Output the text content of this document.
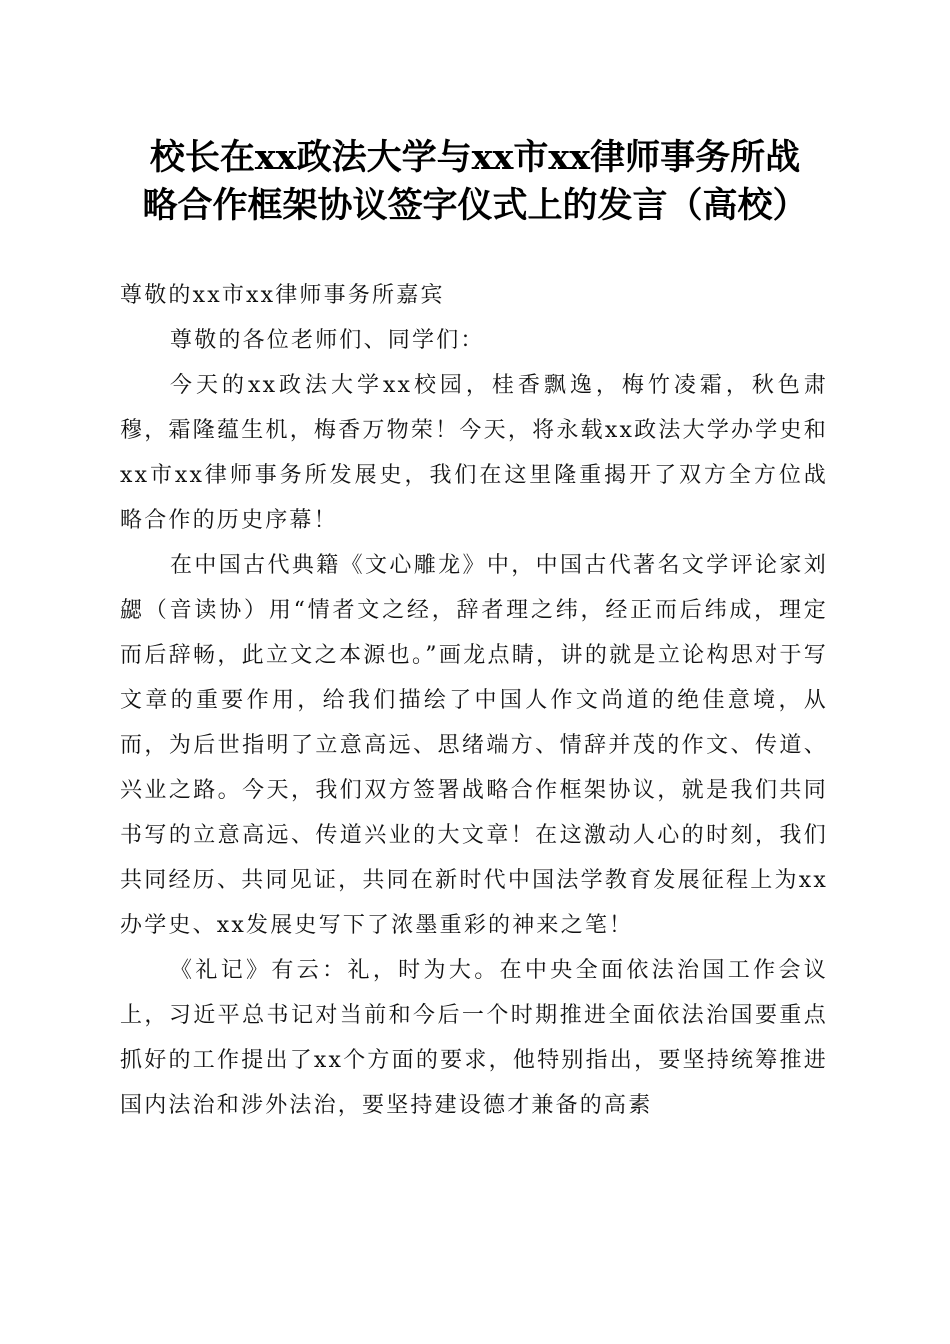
校长在xx政法大学与xx市xx律师事务所战
略合作框架协议签字仪式上的发言（高校）

尊敬的xx市xx律师事务所嘉宾

尊敬的各位老师们、同学们：

今天的xx政法大学xx校园，桂香飘逸，梅竹凌霜，秋色肃穆，霜隆蕴生机，梅香万物荣！今天，将永载xx政法大学办学史和xx市xx律师事务所发展史，我们在这里隆重揭开了双方全方位战略合作的历史序幕！

在中国古代典籍《文心雕龙》中，中国古代著名文学评论家刘勰（音读协）用“情者文之经，辞者理之纬，经正而后纬成，理定而后辞畅，此立文之本源也。”画龙点睛，讲的就是立论构思对于写文章的重要作用，给我们描绘了中国人作文尚道的绝佳意境，从而，为后世指明了立意高远、思绪端方、情辞并茂的作文、传道、兴业之路。今天，我们双方签署战略合作框架协议，就是我们共同书写的立意高远、传道兴业的大文章！在这激动人心的时刻，我们共同经历、共同见证，共同在新时代中国法学教育发展征程上为xx办学史、xx发展史写下了浓墨重彩的神来之笔！

《礼记》有云：礼，时为大。在中央全面依法治国工作会议上，习近平总书记对当前和今后一个时期推进全面依法治国要重点抓好的工作提出了xx个方面的要求，他特别指出，要坚持统筹推进国内法治和涉外法治，要坚持建设德才兼备的高素
